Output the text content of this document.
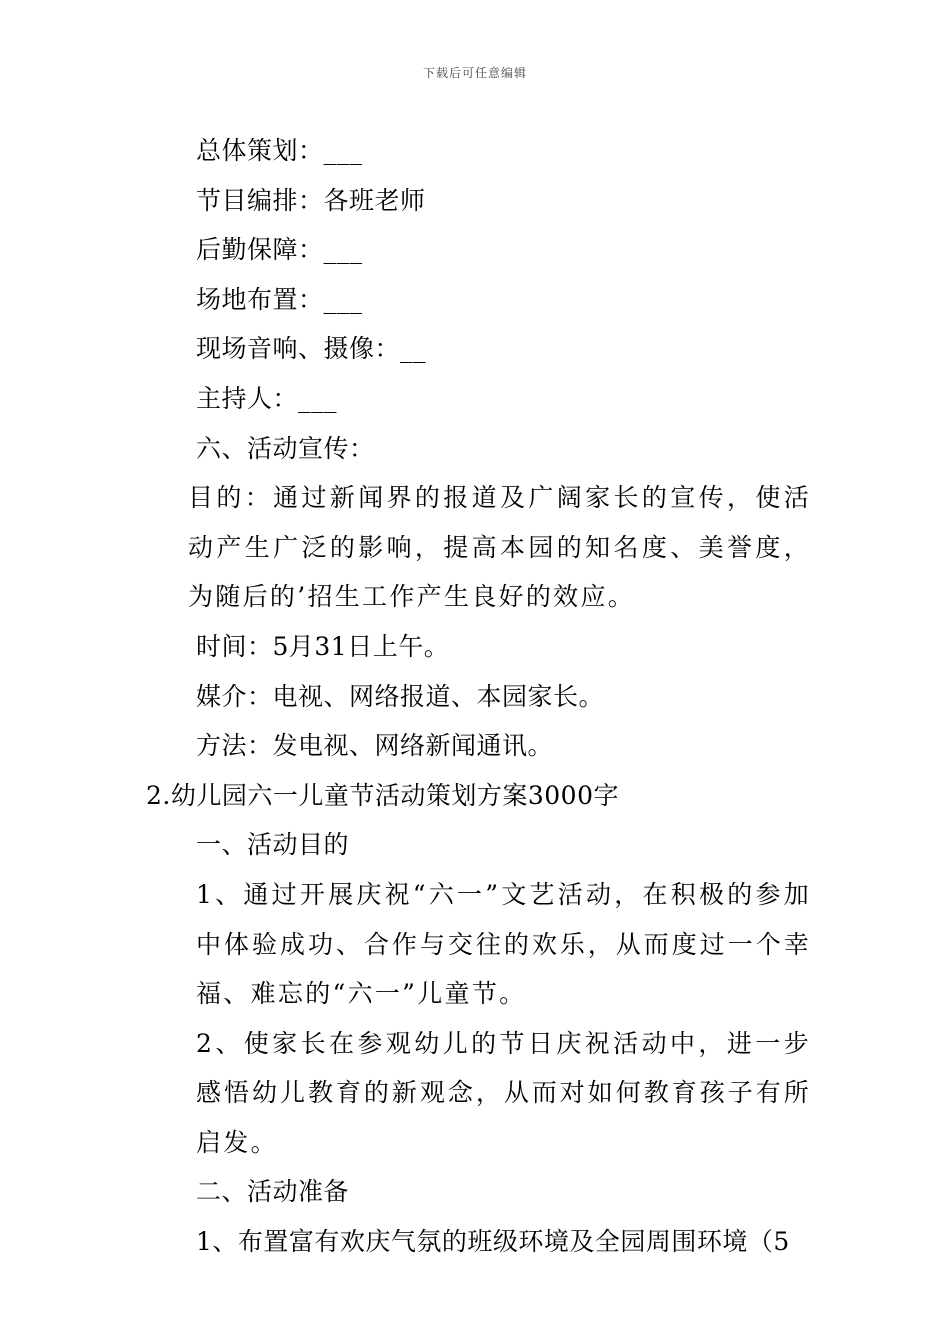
下载后可任意编辑

总体策划：___

节目编排：各班老师

后勤保障：___

场地布置：___

现场音响、摄像：__

主持人：___

六、活动宣传：

目的：通过新闻界的报道及广阔家长的宣传，使活动产生广泛的影响，提高本园的知名度、美誉度，为随后的’招生工作产生良好的效应。

时间：5月31日上午。

媒介：电视、网络报道、本园家长。

方法：发电视、网络新闻通讯。

2.幼儿园六一儿童节活动策划方案3000字

一、活动目的

1、通过开展庆祝“六一”文艺活动，在积极的参加中体验成功、合作与交往的欢乐，从而度过一个幸福、难忘的“六一”儿童节。

2、使家长在参观幼儿的节日庆祝活动中，进一步感悟幼儿教育的新观念，从而对如何教育孩子有所启发。

二、活动准备

1、布置富有欢庆气氛的班级环境及全园周围环境（5
